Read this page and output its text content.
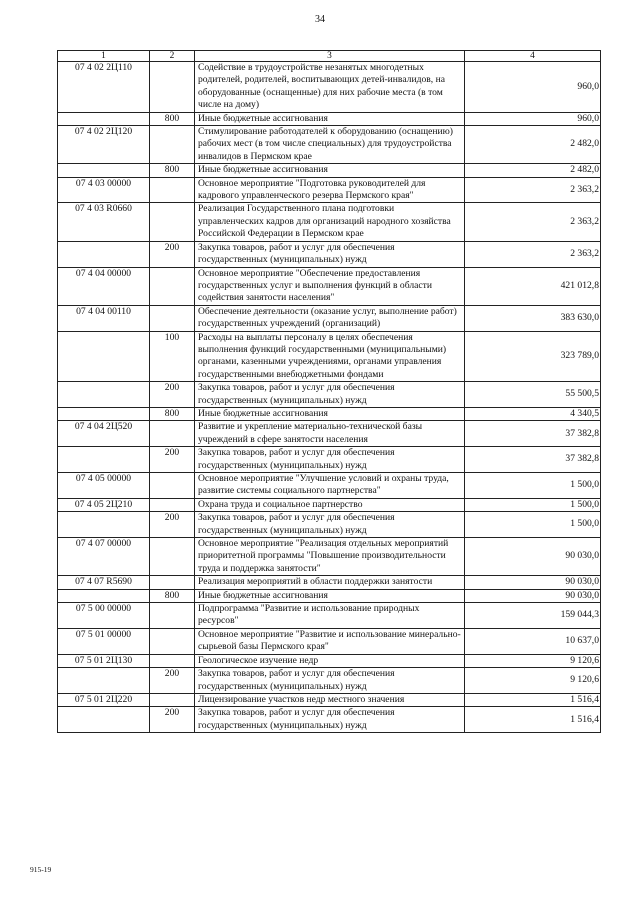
34
1	2	3	4
07 4 02 2Ц110		Содействие в трудоустройстве незанятых многодетных родителей, родителей, воспитывающих детей-инвалидов, на оборудованные (оснащенные) для них рабочие места (в том числе на дому)	960,0
	800	Иные бюджетные ассигнования	960,0
07 4 02 2Ц120		Стимулирование работодателей к оборудованию (оснащению) рабочих мест (в том числе специальных) для трудоустройства инвалидов в Пермском крае	2 482,0
	800	Иные бюджетные ассигнования	2 482,0
07 4 03 00000		Основное мероприятие "Подготовка руководителей для кадрового управленческого резерва Пермского края"	2 363,2
07 4 03 R0660		Реализация Государственного плана подготовки управленческих кадров для организаций народного хозяйства Российской Федерации в Пермском крае	2 363,2
	200	Закупка товаров, работ и услуг для обеспечения государственных (муниципальных) нужд	2 363,2
07 4 04 00000		Основное мероприятие "Обеспечение предоставления государственных услуг и выполнения функций в области содействия занятости населения"	421 012,8
07 4 04 00110		Обеспечение деятельности (оказание услуг, выполнение работ) государственных учреждений (организаций)	383 630,0
	100	Расходы на выплаты персоналу в целях обеспечения выполнения функций государственными (муниципальными) органами, казенными учреждениями, органами управления государственными внебюджетными фондами	323 789,0
	200	Закупка товаров, работ и услуг для обеспечения государственных (муниципальных) нужд	55 500,5
	800	Иные бюджетные ассигнования	4 340,5
07 4 04 2Ц520		Развитие и укрепление материально-технической базы учреждений в сфере занятости населения	37 382,8
	200	Закупка товаров, работ и услуг для обеспечения государственных (муниципальных) нужд	37 382,8
07 4 05 00000		Основное мероприятие "Улучшение условий и охраны труда, развитие системы социального партнерства"	1 500,0
07 4 05 2Ц210		Охрана труда и социальное партнерство	1 500,0
	200	Закупка товаров, работ и услуг для обеспечения государственных (муниципальных) нужд	1 500,0
07 4 07 00000		Основное мероприятие "Реализация отдельных мероприятий приоритетной программы "Повышение производительности труда и поддержка занятости"	90 030,0
07 4 07 R5690		Реализация мероприятий в области поддержки занятости	90 030,0
	800	Иные бюджетные ассигнования	90 030,0
07 5 00 00000		Подпрограмма "Развитие и использование природных ресурсов"	159 044,3
07 5 01 00000		Основное мероприятие "Развитие и использование минерально-сырьевой базы Пермского края"	10 637,0
07 5 01 2Ц130		Геологическое изучение недр	9 120,6
	200	Закупка товаров, работ и услуг для обеспечения государственных (муниципальных) нужд	9 120,6
07 5 01 2Ц220		Лицензирование участков недр местного значения	1 516,4
	200	Закупка товаров, работ и услуг для обеспечения государственных (муниципальных) нужд	1 516,4
915-19
